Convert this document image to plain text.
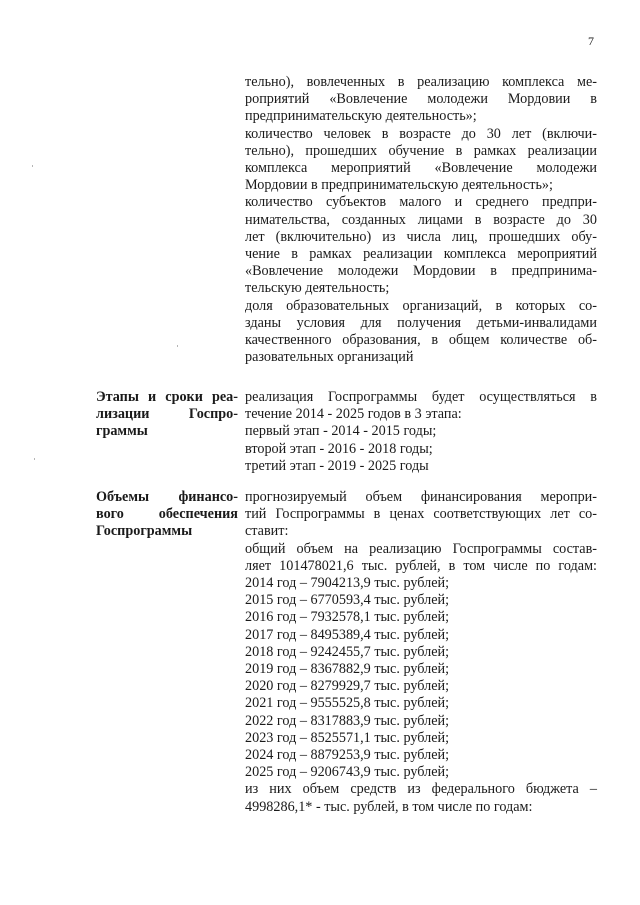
7
тельно), вовлеченных в реализацию комплекса ме-
роприятий «Вовлечение молодежи Мордовии в
предпринимательскую деятельность»;
количество человек в возрасте до 30 лет (включи-
тельно), прошедших обучение в рамках реализации
комплекса мероприятий «Вовлечение молодежи
Мордовии в предпринимательскую деятельность»;
количество субъектов малого и среднего предпри-
нимательства, созданных лицами в возрасте до 30
лет (включительно) из числа лиц, прошедших обу-
чение в рамках реализации комплекса мероприятий
«Вовлечение молодежи Мордовии в предпринима-
тельскую деятельность;
доля образовательных организаций, в которых со-
зданы условия для получения детьми-инвалидами
качественного образования, в общем количестве об-
разовательных организаций
Этапы и сроки реа-
лизации Госпро-
граммы
реализация Госпрограммы будет осуществляться в
течение 2014 - 2025 годов в 3 этапа:
первый этап - 2014 - 2015 годы;
второй этап - 2016 - 2018 годы;
третий этап - 2019 - 2025 годы
Объемы финансо-
вого обеспечения
Госпрограммы
прогнозируемый объем финансирования меропри-
тий Госпрограммы в ценах соответствующих лет со-
ставит:
общий объем на реализацию Госпрограммы состав-
ляет 101478021,6 тыс. рублей, в том числе по годам:
2014 год – 7904213,9 тыс. рублей;
2015 год – 6770593,4 тыс. рублей;
2016 год – 7932578,1 тыс. рублей;
2017 год – 8495389,4 тыс. рублей;
2018 год – 9242455,7 тыс. рублей;
2019 год – 8367882,9 тыс. рублей;
2020 год – 8279929,7 тыс. рублей;
2021 год – 9555525,8 тыс. рублей;
2022 год – 8317883,9 тыс. рублей;
2023 год – 8525571,1 тыс. рублей;
2024 год – 8879253,9 тыс. рублей;
2025 год – 9206743,9 тыс. рублей;
из них объем средств из федерального бюджета –
4998286,1* - тыс. рублей, в том числе по годам:
